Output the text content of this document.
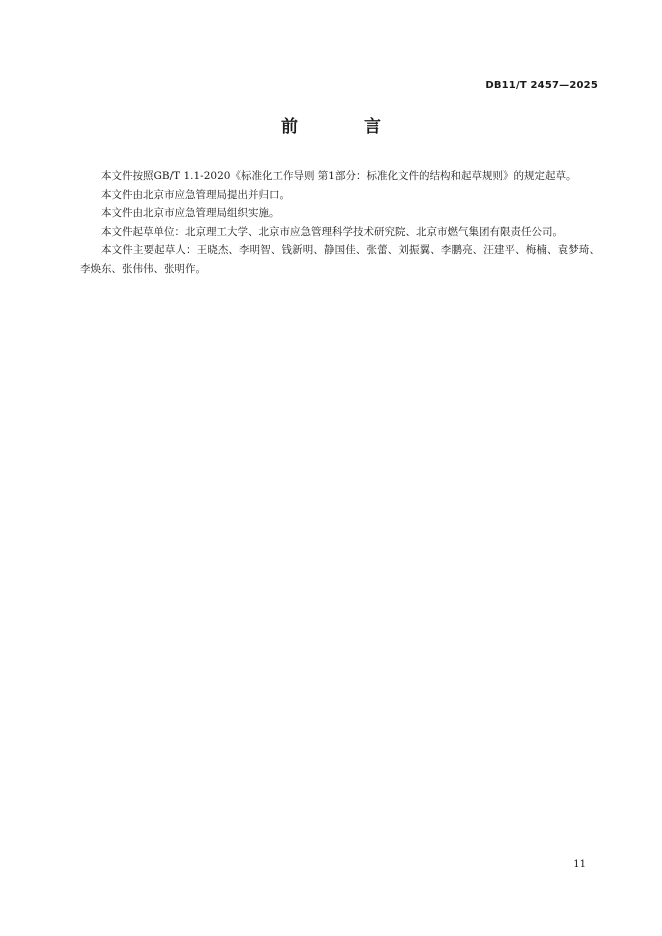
DB11/T 2457—2025
前 言

本文件按照GB/T 1.1-2020《标准化工作导则 第1部分：标准化文件的结构和起草规则》的规定起草。

本文件由北京市应急管理局提出并归口。

本文件由北京市应急管理局组织实施。

本文件起草单位：北京理工大学、北京市应急管理科学技术研究院、北京市燃气集团有限责任公司。

本文件主要起草人：王晓杰、李明智、钱新明、静国佳、张蕾、刘振翼、李鹏亮、汪建平、梅楠、袁梦琦、李焕东、张伟伟、张明作。

11
